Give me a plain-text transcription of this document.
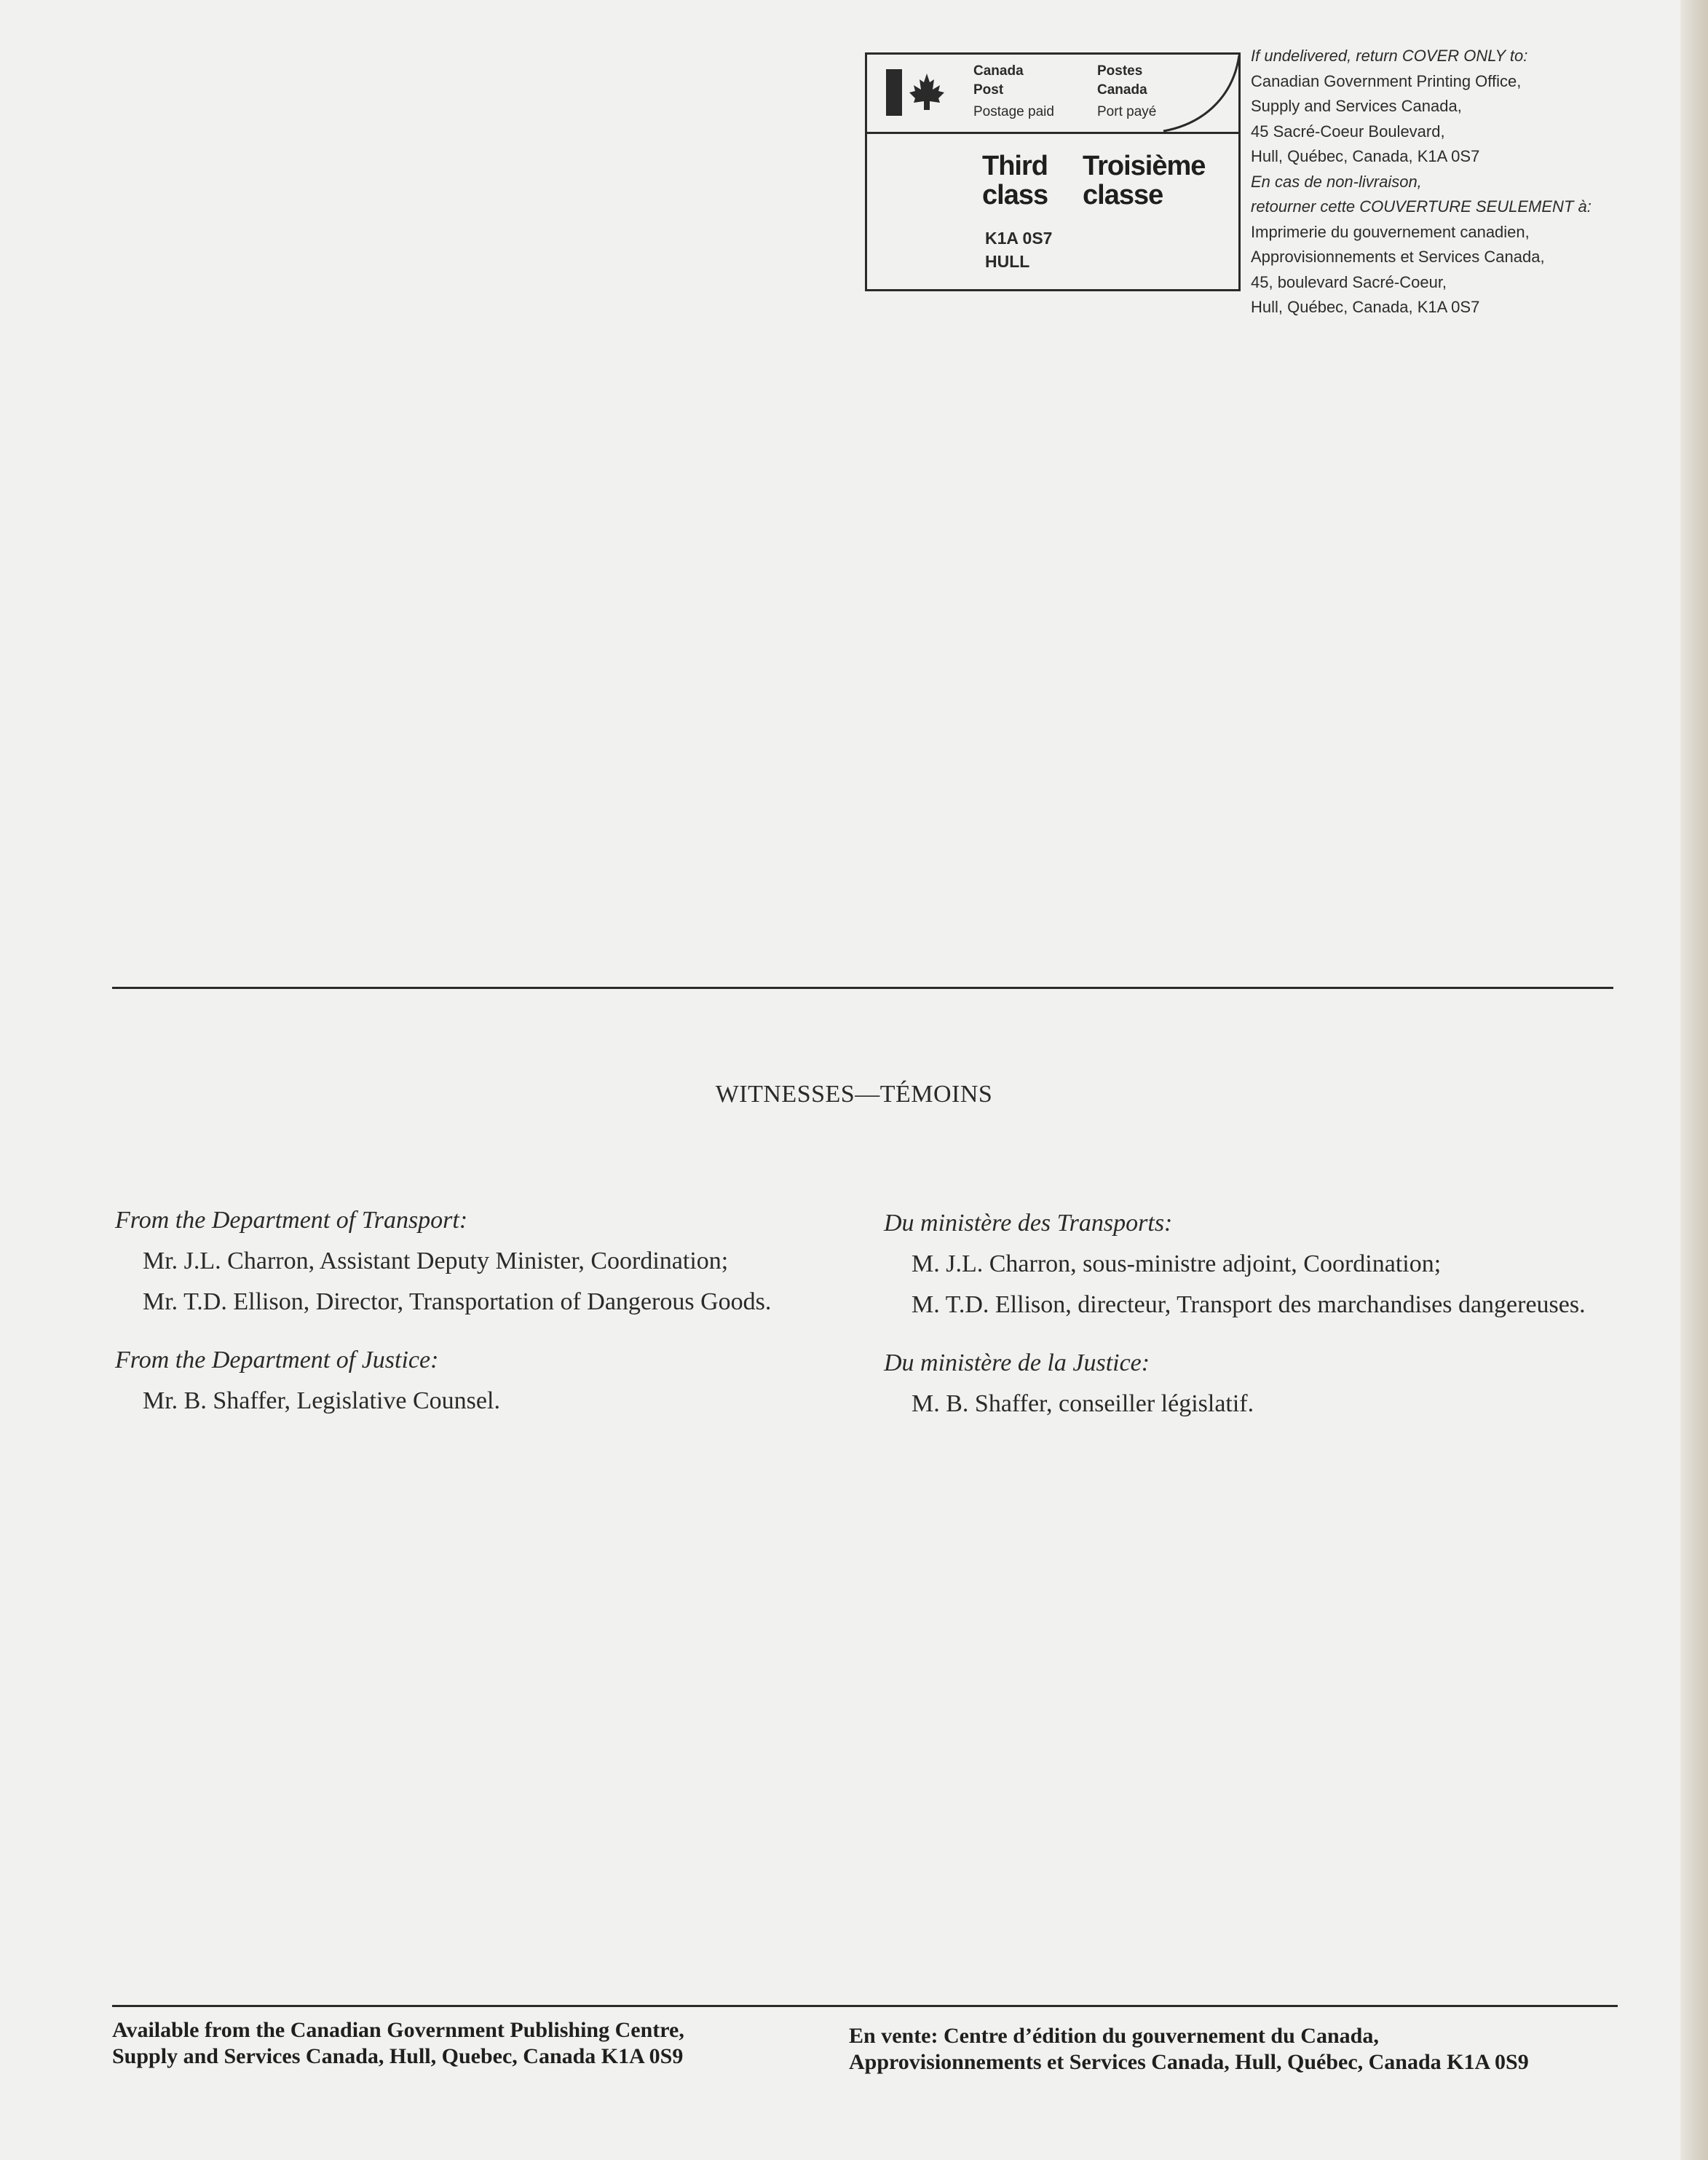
Canada
Post
Postage paid
Postes
Canada
Port payé
Third
class
Troisième
classe
K1A 0S7
HULL
If undelivered, return COVER ONLY to:
Canadian Government Printing Office,
Supply and Services Canada,
45 Sacré-Coeur Boulevard,
Hull, Québec, Canada, K1A 0S7
En cas de non-livraison,
retourner cette COUVERTURE SEULEMENT à:
Imprimerie du gouvernement canadien,
Approvisionnements et Services Canada,
45, boulevard Sacré-Coeur,
Hull, Québec, Canada, K1A 0S7
WITNESSES—TÉMOINS
From the Department of Transport:
Mr. J.L. Charron, Assistant Deputy Minister, Coordination;
Mr. T.D. Ellison, Director, Transportation of Dangerous Goods.
From the Department of Justice:
Mr. B. Shaffer, Legislative Counsel.
Du ministère des Transports:
M. J.L. Charron, sous-ministre adjoint, Coordination;
M. T.D. Ellison, directeur, Transport des marchandises dangereuses.
Du ministère de la Justice:
M. B. Shaffer, conseiller législatif.
Available from the Canadian Government Publishing Centre,
Supply and Services Canada, Hull, Quebec, Canada K1A 0S9
En vente: Centre d’édition du gouvernement du Canada,
Approvisionnements et Services Canada, Hull, Québec, Canada K1A 0S9
